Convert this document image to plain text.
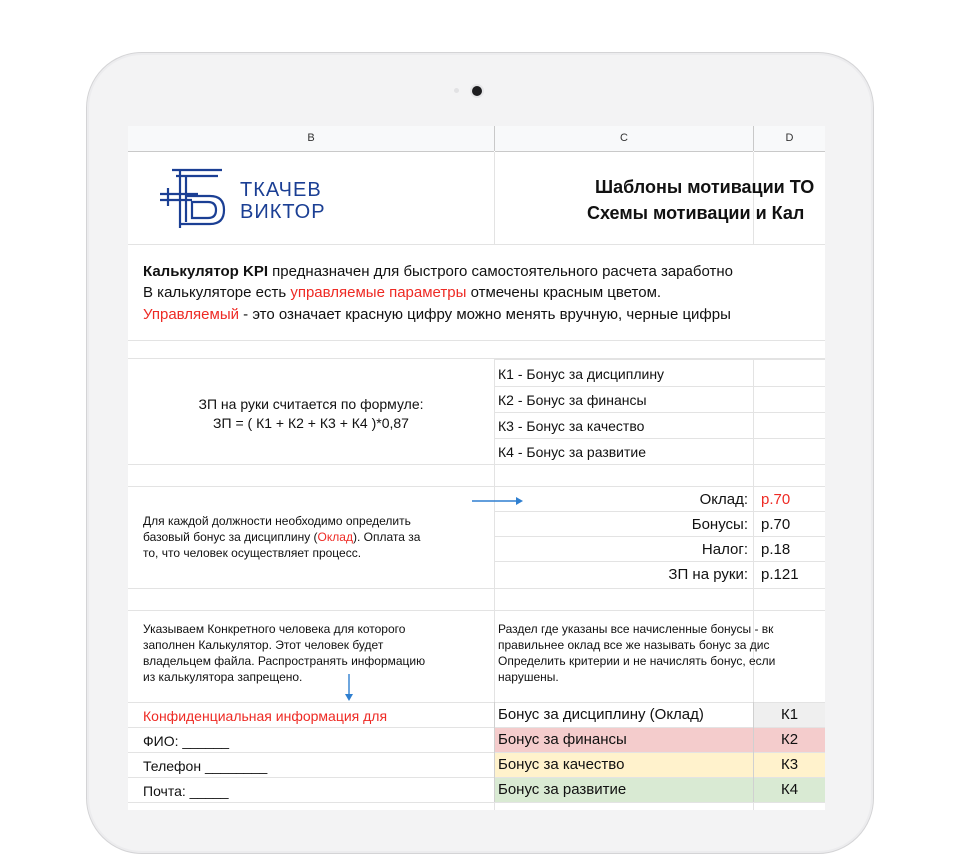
B	C	D
ТКАЧЕВ
ВИКТОР
Шаблоны мотивации ТО
Схемы мотивации и Кал
Калькулятор KPI предназначен для быстрого самостоятельного расчета заработно
В калькуляторе есть управляемые параметры отмечены красным цветом.
Управляемый - это означает красную цифру можно менять вручную, черные цифры
ЗП на руки считается по формуле:
ЗП = ( К1 + К2 + К3 + К4 )*0,87
К1 - Бонус за дисциплину
К2 - Бонус за финансы
К3 - Бонус за качество
К4 - Бонус за развитие
Для каждой должности необходимо определить
базовый бонус за дисциплину (Оклад). Оплата за
то, что человек осуществляет процесс.
Оклад: р.70
Бонусы: р.70
Налог: р.18
ЗП на руки: р.121
Указываем Конкретного человека для которого
заполнен Калькулятор. Этот человек будет
владельцем файла. Распространять информацию
из калькулятора запрещено.
Раздел где указаны все начисленные бонусы - вк
правильнее оклад все же называть бонус за дис
Определить критерии и не начислять бонус, если
нарушены.
Конфиденциальная информация для
ФИО: ______
Телефон ________
Почта: _____
Бонус за дисциплину (Оклад)
Бонус за финансы
Бонус за качество
Бонус за развитие
К1
К2
К3
К4
